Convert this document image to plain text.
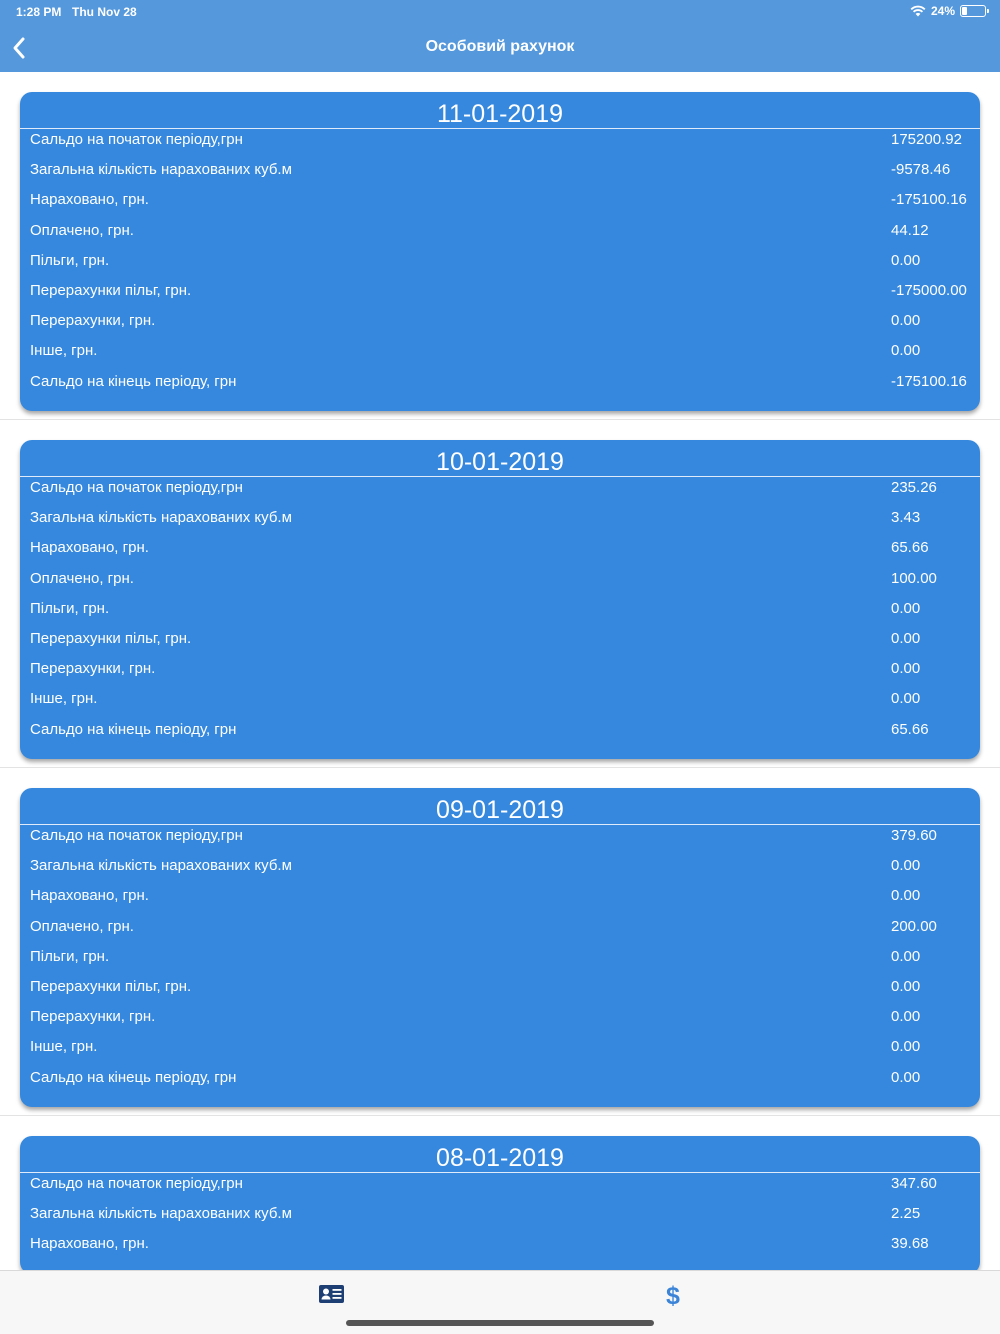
1:28 PM Thu Nov 28	24%
Особовий рахунок
11-01-2019
Сальдо на початок періоду,грн	175200.92
Загальна кількість нарахованих куб.м	-9578.46
Нараховано, грн.	-175100.16
Оплачено, грн.	44.12
Пільги, грн.	0.00
Перерахунки пільг, грн.	-175000.00
Перерахунки, грн.	0.00
Інше, грн.	0.00
Сальдо на кінець періоду, грн	-175100.16
10-01-2019
Сальдо на початок періоду,грн	235.26
Загальна кількість нарахованих куб.м	3.43
Нараховано, грн.	65.66
Оплачено, грн.	100.00
Пільги, грн.	0.00
Перерахунки пільг, грн.	0.00
Перерахунки, грн.	0.00
Інше, грн.	0.00
Сальдо на кінець періоду, грн	65.66
09-01-2019
Сальдо на початок періоду,грн	379.60
Загальна кількість нарахованих куб.м	0.00
Нараховано, грн.	0.00
Оплачено, грн.	200.00
Пільги, грн.	0.00
Перерахунки пільг, грн.	0.00
Перерахунки, грн.	0.00
Інше, грн.	0.00
Сальдо на кінець періоду, грн	0.00
08-01-2019
Сальдо на початок періоду,грн	347.60
Загальна кількість нарахованих куб.м	2.25
Нараховано, грн.	39.68
$
